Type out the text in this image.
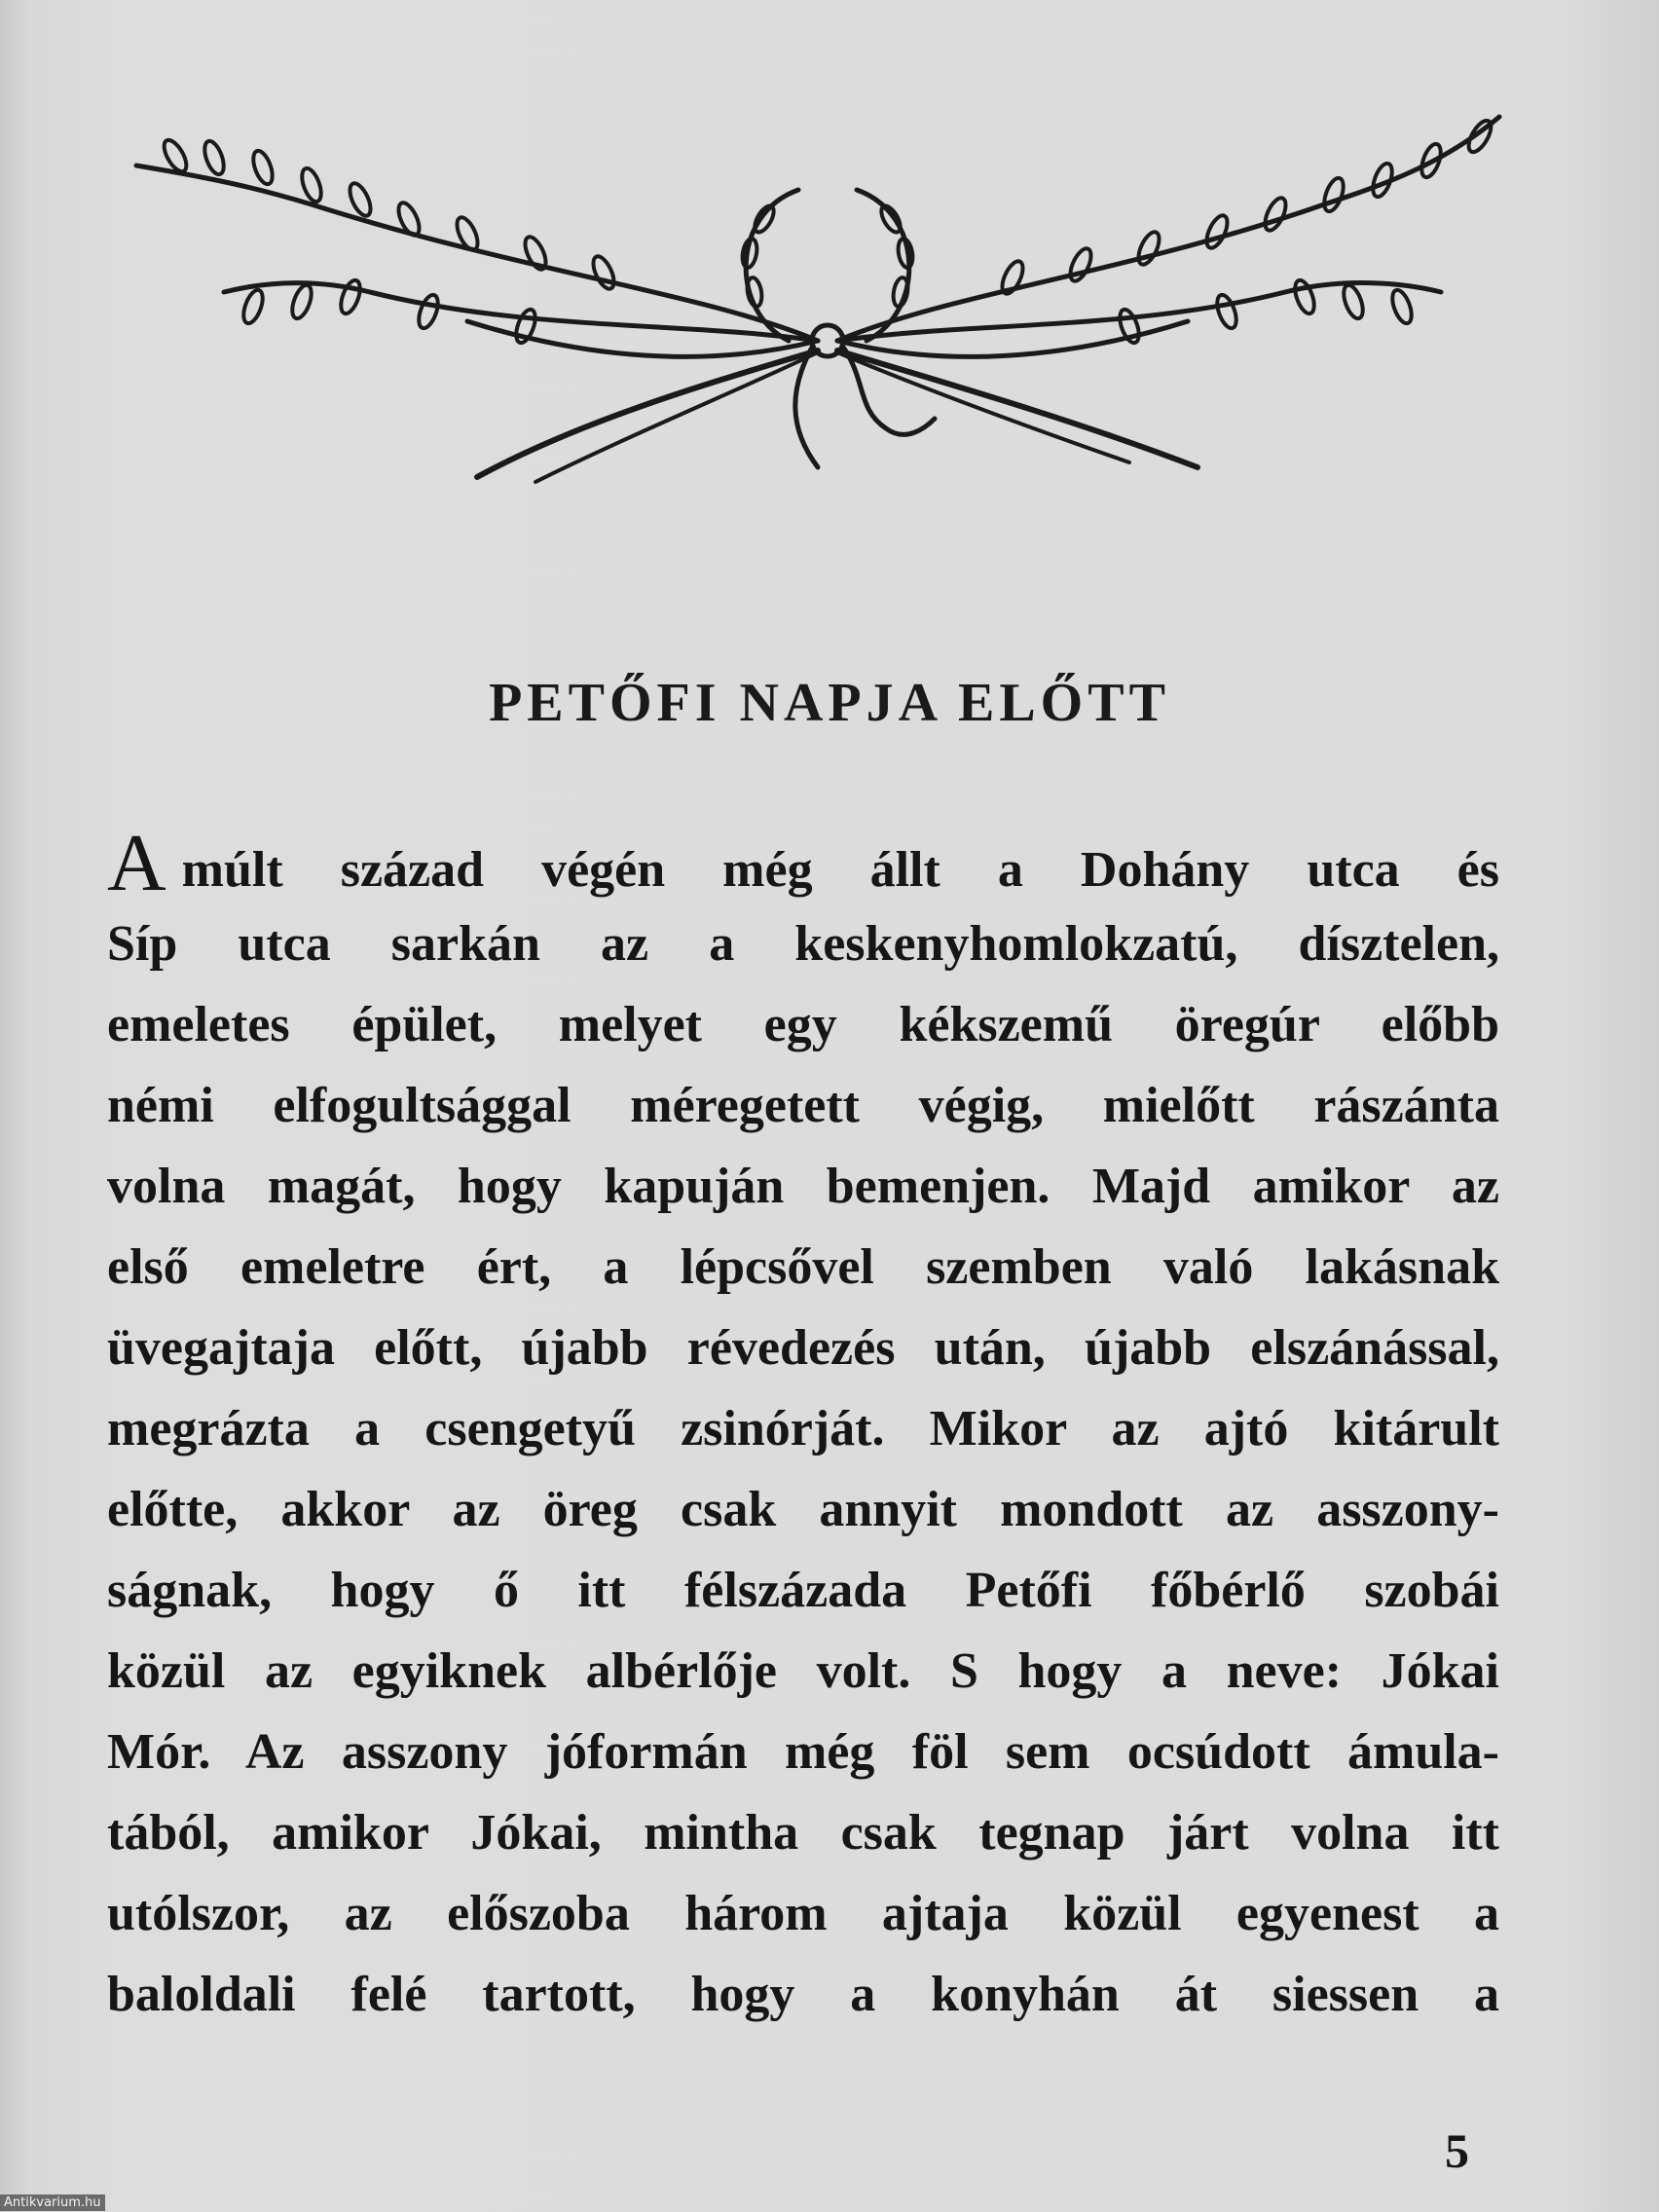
PETŐFI NAPJA ELŐTT
Amúlt század végén még állt a Dohány utca és
Síp utca sarkán az a keskenyhomlokzatú, dísztelen,
emeletes épület, melyet egy kékszemű öregúr előbb
némi elfogultsággal méregetett végig, mielőtt rászánta
volna magát, hogy kapuján bemenjen. Majd amikor az
első emeletre ért, a lépcsővel szemben való lakásnak
üvegajtaja előtt, újabb révedezés után, újabb elszánással,
megrázta a csengetyű zsinórját. Mikor az ajtó kitárult
előtte, akkor az öreg csak annyit mondott az asszony-
ságnak, hogy ő itt félszázada Petőfi főbérlő szobái
közül az egyiknek albérlője volt. S hogy a neve: Jókai
Mór. Az asszony jóformán még föl sem ocsúdott ámula-
tából, amikor Jókai, mintha csak tegnap járt volna itt
utólszor, az előszoba három ajtaja közül egyenest a
baloldali felé tartott, hogy a konyhán át siessen a
5
Antikvarium.hu
